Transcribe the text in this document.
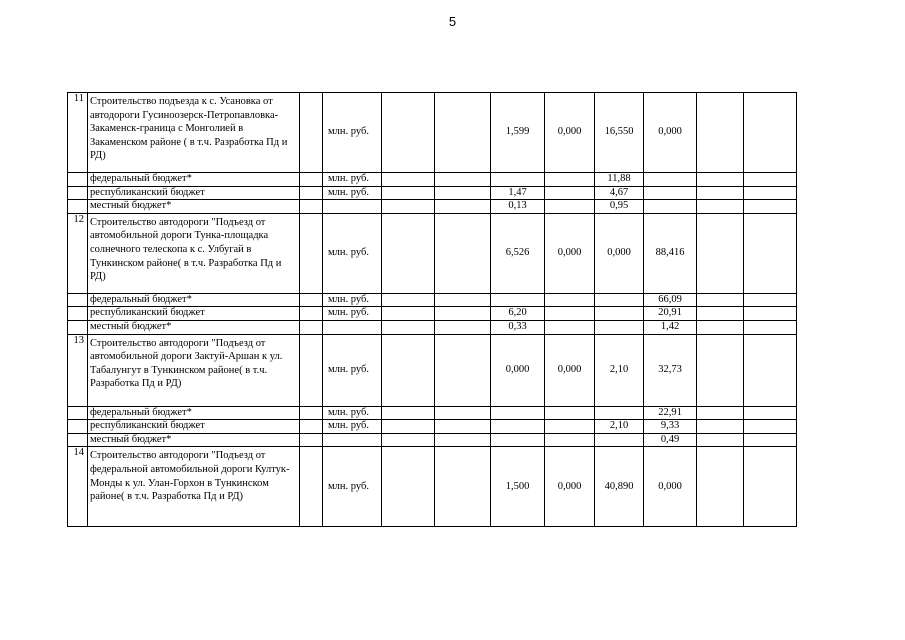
5
11	Строительство подъезда к с. Усановка от автодороги Гусиноозерск-Петропавловка-Закаменск-граница с Монголией в Закаменском районе ( в т.ч. Разработка Пд и РД)		млн. руб.			1,599	0,000	16,550	0,000		
	федеральный бюджет*		млн. руб.					11,88			
	республиканский бюджет		млн. руб.			1,47		4,67			
	местный бюджет*					0,13		0,95			
12	Строительство автодороги "Подъезд от автомобильной дороги Тунка-площадка солнечного телескопа к с. Улбугай в Тункинском районе( в т.ч. Разработка Пд и РД)		млн. руб.			6,526	0,000	0,000	88,416		
	федеральный бюджет*		млн. руб.						66,09		
	республиканский бюджет		млн. руб.			6,20			20,91		
	местный бюджет*					0,33			1,42		
13	Строительство автодороги "Подъезд от автомобильной дороги Зактуй-Аршан к ул. Табалунгут в Тункинском районе( в т.ч. Разработка Пд и РД)		млн. руб.			0,000	0,000	2,10	32,73		
	федеральный бюджет*		млн. руб.						22,91		
	республиканский бюджет		млн. руб.					2,10	9,33		
	местный бюджет*								0,49		
14	Строительство автодороги "Подъезд от федеральной автомобильной дороги Култук-Монды к ул. Улан-Горхон в Тункинском районе( в т.ч. Разработка Пд и РД)		млн. руб.			1,500	0,000	40,890	0,000		
